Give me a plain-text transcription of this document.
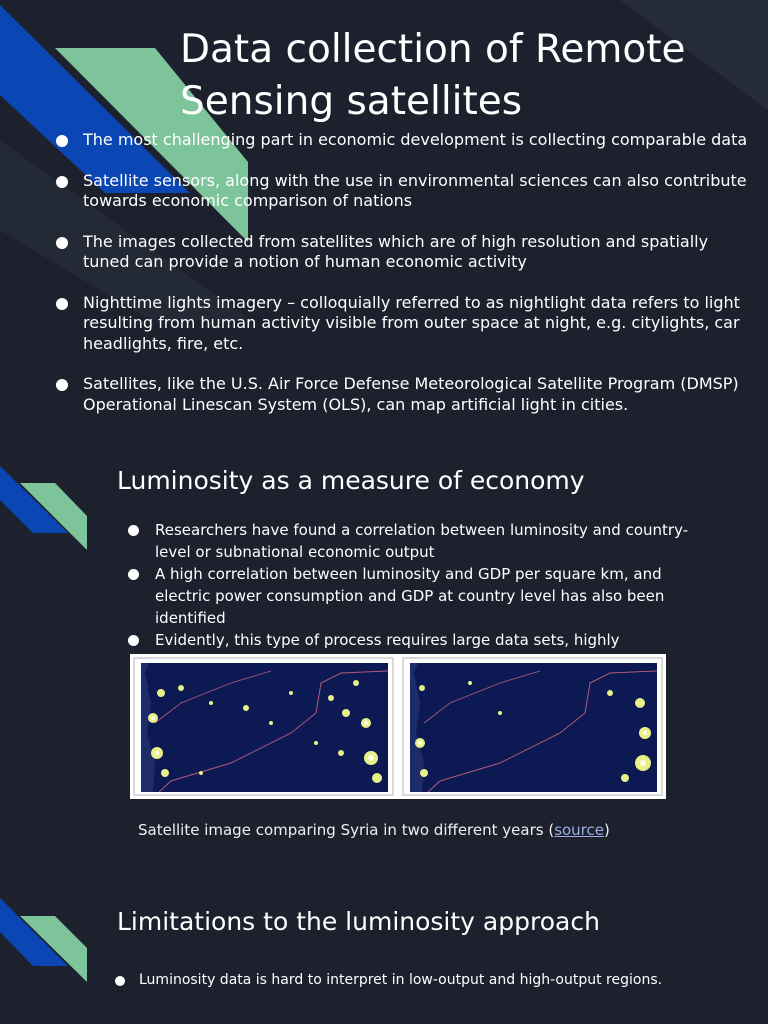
Data collection of Remote Sensing satellites
The most challenging part in economic development is collecting comparable data
Satellite sensors, along with the use in environmental sciences can also contribute towards economic comparison of nations
The images collected from satellites which are of high resolution and spatially tuned can provide a notion of human economic activity
Nighttime lights imagery – colloquially referred to as nightlight data refers to light resulting from human activity visible from outer space at night, e.g. citylights, car headlights, fire, etc.
Satellites, like the U.S. Air Force Defense Meteorological Satellite Program (DMSP) Operational Linescan System (OLS), can map artificial light in cities.
Luminosity as a measure of economy
Researchers have found a correlation between luminosity and country-level or subnational economic output
A high correlation between luminosity and GDP per square km, and electric power consumption and GDP at country level has also been identified
Evidently, this type of process requires large data sets, highly
Satellite image comparing Syria in two different years (source)
Limitations to the luminosity approach
Luminosity data is hard to interpret in low-output and high-output regions.
